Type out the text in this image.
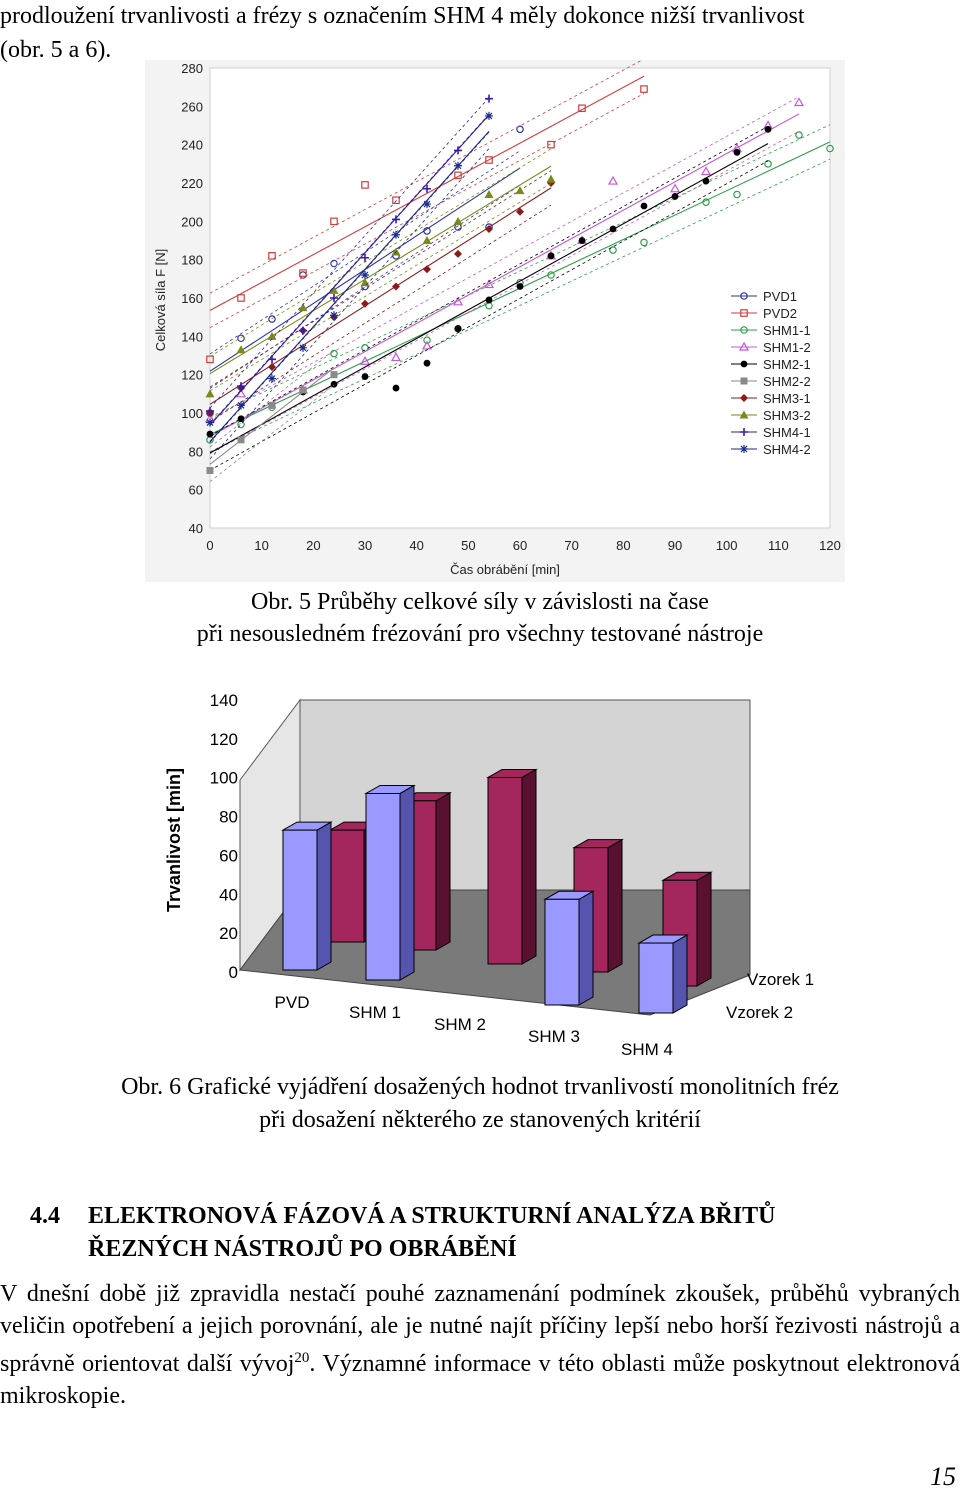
prodloužení trvanlivosti a frézy s označením SHM 4 měly dokonce nižší trvanlivost
(obr. 5 a 6).
0	10	20	30	40	50	60	70	80	90	100 110 120
40
60
80
100
120
140
160
180
200
220
240
260
280
PVD1
PVD2
SHM1-1
SHM1-2
SHM2-1
SHM2-2
SHM3-1
SHM3-2
SHM4-1
SHM4-2
Celková síla F [N]
Čas obrábění [min]
Obr. 5 Průběhy celkové síly v závislosti na čase
při nesousledném frézování pro všechny testované nástroje
0
20
40
60
80
100
120
140
PVD
SHM 1
SHM 2
SHM 3
SHM 4
Vzorek 1
Vzorek 2
Trvanlivost [min]
Obr. 6 Grafické vyjádření dosažených hodnot trvanlivostí monolitních fréz
při dosažení některého ze stanovených kritérií
4.4 ELEKTRONOVÁ FÁZOVÁ A STRUKTURNÍ ANALÝZA BŘITŮ
ŘEZNÝCH NÁSTROJŮ PO OBRÁBĚNÍ
V dnešní době již zpravidla nestačí pouhé zaznamenání podmínek zkoušek, průběhů vybraných veličin opotřebení a jejich porovnání, ale je nutné najít příčiny lepší nebo horší řezivosti nástrojů a správně orientovat další vývoj$^{20}$. Významné informace v této oblasti může poskytnout elektronová mikroskopie.
15
